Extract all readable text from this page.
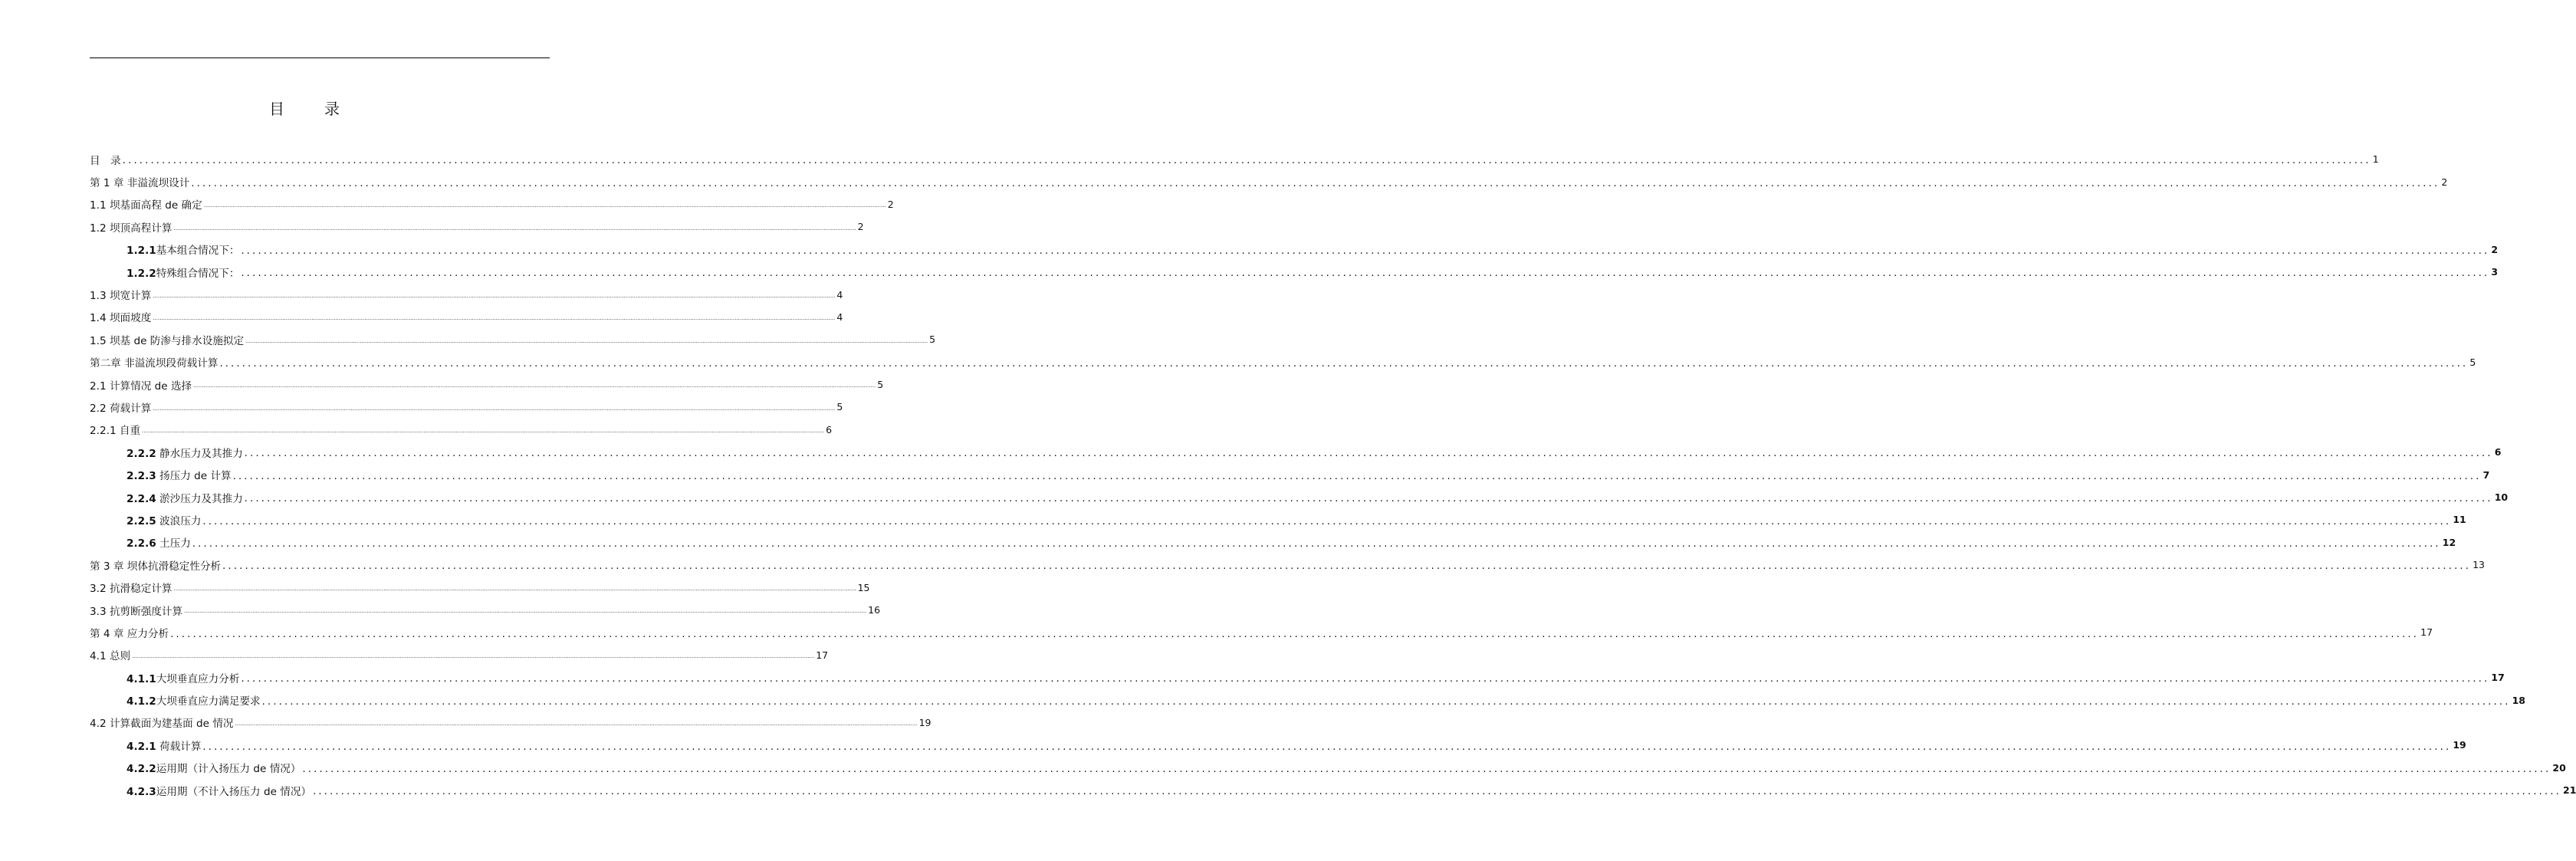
目　录
目　录 ................................................................................................................................................................................................................................................................................................................................................................................................................ 1
第 1 章 非溢流坝设计 ................................................................................................................................................................................................................................................................................................................................................................................................................ 2
1.1 坝基面高程 de 确定 ................................................................................................................................................................................................................................................................................................................................................................................................................ 2
1.2 坝顶高程计算 ................................................................................................................................................................................................................................................................................................................................................................................................................ 2
1.2.1基本组合情况下： ................................................................................................................................................................................................................................................................................................................................................................................................................ 2
1.2.2特殊组合情况下： ................................................................................................................................................................................................................................................................................................................................................................................................................ 3
1.3 坝宽计算 ................................................................................................................................................................................................................................................................................................................................................................................................................ 4
1.4 坝面坡度 ................................................................................................................................................................................................................................................................................................................................................................................................................ 4
1.5 坝基 de 防渗与排水设施拟定 ................................................................................................................................................................................................................................................................................................................................................................................................................ 5
第二章 非溢流坝段荷载计算 ................................................................................................................................................................................................................................................................................................................................................................................................................ 5
2.1 计算情况 de 选择 ................................................................................................................................................................................................................................................................................................................................................................................................................ 5
2.2 荷载计算 ................................................................................................................................................................................................................................................................................................................................................................................................................ 5
2.2.1 自重 ................................................................................................................................................................................................................................................................................................................................................................................................................ 6
2.2.2 静水压力及其推力 ................................................................................................................................................................................................................................................................................................................................................................................................................ 6
2.2.3 扬压力 de 计算 ................................................................................................................................................................................................................................................................................................................................................................................................................ 7
2.2.4 淤沙压力及其推力 ................................................................................................................................................................................................................................................................................................................................................................................................................ 10
2.2.5 波浪压力 ................................................................................................................................................................................................................................................................................................................................................................................................................ 11
2.2.6 土压力 ................................................................................................................................................................................................................................................................................................................................................................................................................ 12
第 3 章 坝体抗滑稳定性分析 ................................................................................................................................................................................................................................................................................................................................................................................................................ 13
3.2 抗滑稳定计算 ................................................................................................................................................................................................................................................................................................................................................................................................................ 15
3.3 抗剪断强度计算 ................................................................................................................................................................................................................................................................................................................................................................................................................ 16
第 4 章 应力分析 ................................................................................................................................................................................................................................................................................................................................................................................................................ 17
4.1 总则 ................................................................................................................................................................................................................................................................................................................................................................................................................ 17
4.1.1大坝垂直应力分析 ................................................................................................................................................................................................................................................................................................................................................................................................................ 17
4.1.2大坝垂直应力满足要求 ................................................................................................................................................................................................................................................................................................................................................................................................................ 18
4.2 计算截面为建基面 de 情况 ................................................................................................................................................................................................................................................................................................................................................................................................................ 19
4.2.1 荷载计算 ................................................................................................................................................................................................................................................................................................................................................................................................................ 19
4.2.2运用期（计入扬压力 de 情况） ................................................................................................................................................................................................................................................................................................................................................................................................................ 20
4.2.3运用期（不计入扬压力 de 情况） ................................................................................................................................................................................................................................................................................................................................................................................................................ 21
